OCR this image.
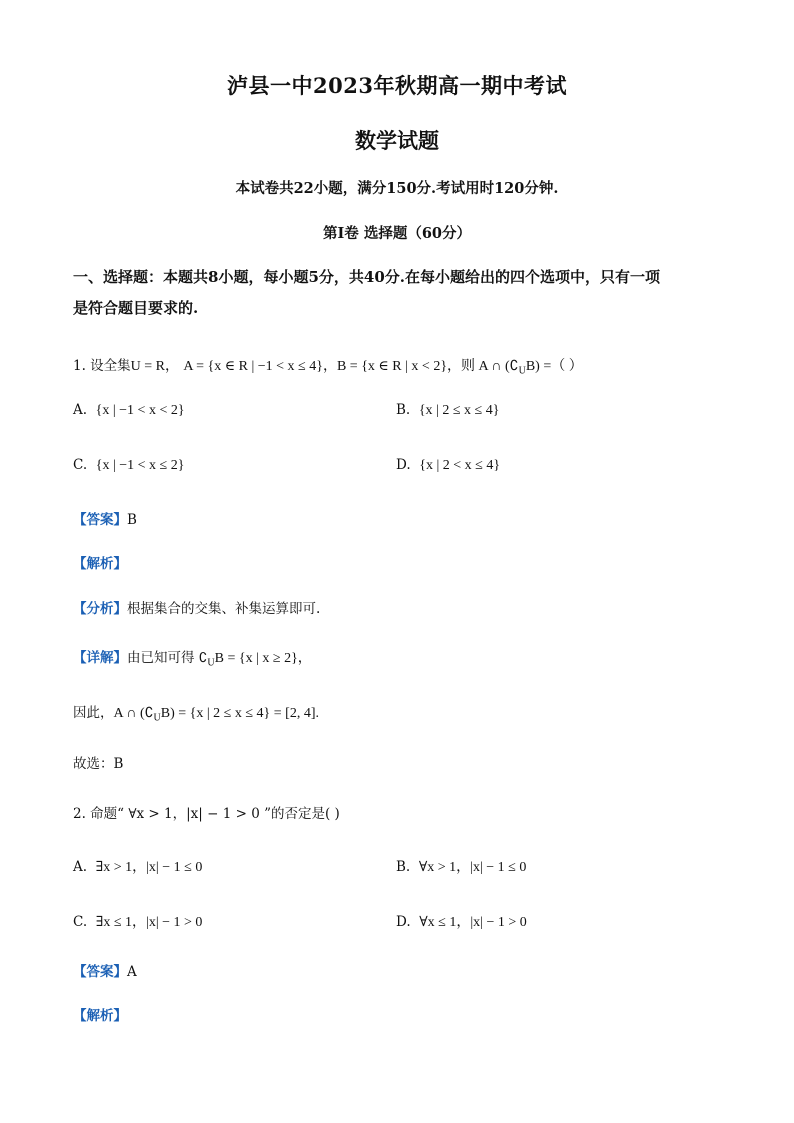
泸县一中2023年秋期高一期中考试
数学试题
本试卷共22小题，满分150分.考试用时120分钟.
第I卷 选择题（60分）
一、选择题：本题共8小题，每小题5分，共40分.在每小题给出的四个选项中，只有一项
是符合题目要求的.
1. 设全集U = R， A = {x ∈ R | −1 < x ≤ 4}，B = {x ∈ R | x < 2}，则 A ∩ $(∁_UB)$ =（ ）
A. {x | −1 < x < 2}	B. {x | 2 ≤ x ≤ 4}
C. {x | −1 < x ≤ 2}	D. {x | 2 < x ≤ 4}
【答案】B
【解析】
【分析】根据集合的交集、补集运算即可.
【详解】由已知可得 $∁_UB = \{x$ | x ≥ 2}，
因此，A ∩ $(∁_UB) = \{x$ | 2 ≤ x ≤ 4} = [2, 4].
故选：B
2. 命题“ ∀x > 1，|x| − 1 > 0 ”的否定是( )
A. ∃x > 1，|x| − 1 ≤ 0	B. ∀x > 1，|x| − 1 ≤ 0
C. ∃x ≤ 1，|x| − 1 > 0	D. ∀x ≤ 1，|x| − 1 > 0
【答案】A
【解析】
